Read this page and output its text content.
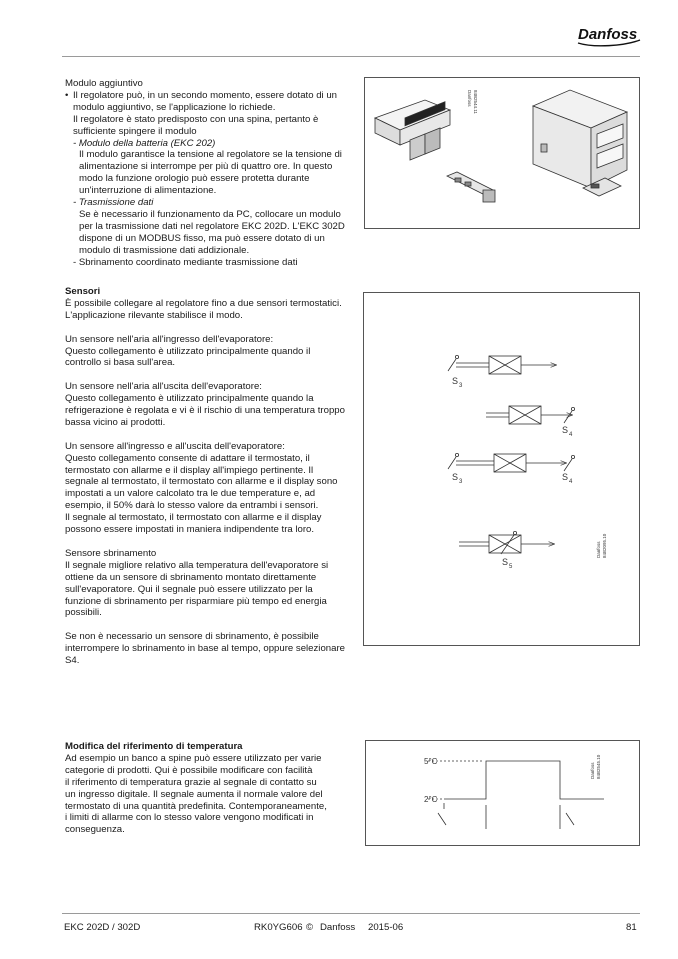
Danfoss

Modulo aggiuntivo

• Il regolatore può, in un secondo momento, essere dotato di un

modulo aggiuntivo, se l'applicazione lo richiede.

Il regolatore è stato predisposto con una spina, pertanto è

sufficiente spingere il modulo

- Modulo della batteria (EKC 202)

Il modulo garantisce la tensione al regolatore se la tensione di

alimentazione si interrompe per più di quattro ore. In questo

modo la funzione orologio può essere protetta durante

un'interruzione di alimentazione.

- Trasmissione dati

Se è necessario il funzionamento da PC, collocare un modulo

per la trasmissione dati nel regolatore EKC 202D. L'EKC 302D

dispone di un MODBUS fisso, ma può essere dotato di un

modulo di trasmissione dati addizionale.

- Sbrinamento coordinato mediante trasmissione dati

Danfoss 84B2544.11

Sensori

È possibile collegare al regolatore fino a due sensori termostatici.

L'applicazione rilevante stabilisce il modo.

Un sensore nell'aria all'ingresso dell'evaporatore:

Questo collegamento è utilizzato principalmente quando il

controllo si basa sull'area.

Un sensore nell'aria all'uscita dell'evaporatore:

Questo collegamento è utilizzato principalmente quando la

refrigerazione è regolata e vi è il rischio di una temperatura troppo

bassa vicino ai prodotti.

Un sensore all'ingresso e all'uscita dell'evaporatore:

Questo collegamento consente di adattare il termostato, il

termostato con allarme e il display all'impiego pertinente. Il

segnale al termostato, il termostato con allarme e il display sono

impostati a un valore calcolato tra le due temperature e, ad

esempio, il 50% darà lo stesso valore da entrambi i sensori.

Il segnale al termostato, il termostato con allarme e il display

possono essere impostati in maniera indipendente tra loro.

Sensore sbrinamento

Il segnale migliore relativo alla temperatura dell'evaporatore si

ottiene da un sensore di sbrinamento montato direttamente

sull'evaporatore. Qui il segnale può essere utilizzato per la

funzione di sbrinamento per risparmiare più tempo ed energia

possibili.

Se non è necessario un sensore di sbrinamento, è possibile

interrompere lo sbrinamento in base al tempo, oppure selezionare

S4.

S 3
S 4
S 3	S 4
S 5
Danfoss 84B2095.10

Modifica del riferimento di temperatura

Ad esempio un banco a spine può essere utilizzato per varie

categorie di prodotti. Qui è possibile modificare con facilità

il riferimento di temperatura grazie al segnale di contatto su

un ingresso digitale. Il segnale aumenta il normale valore del

termostato di una quantità predefinita. Contemporaneamente,

i limiti di allarme con lo stesso valore vengono modificati in

conseguenza.

5°C
2°C
Danfoss 84B2545.10
EKC 202D / 302D	RK0YG606 © Danfoss 2015-06	81
